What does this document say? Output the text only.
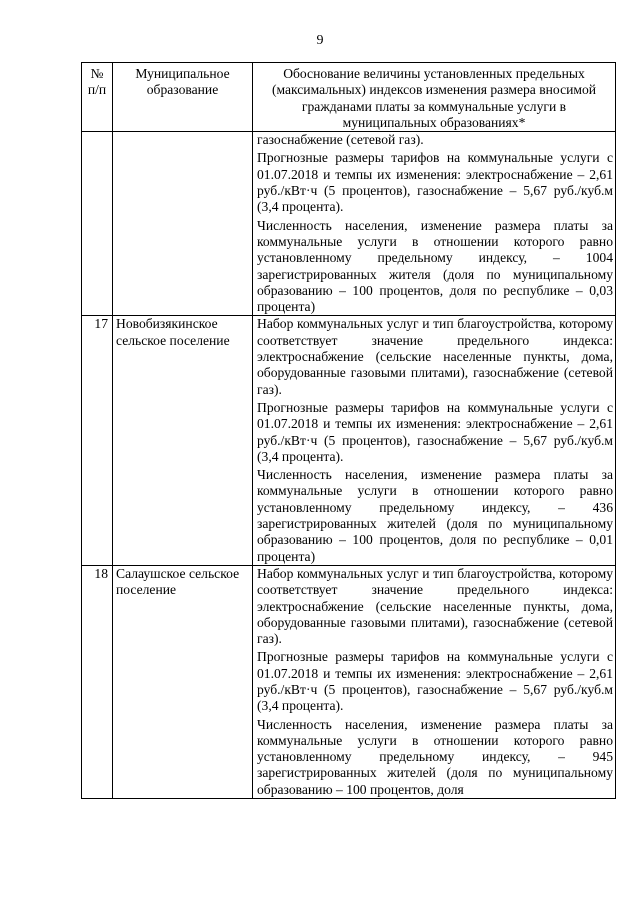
9
№ п/п	Муниципальное образование	Обоснование величины установленных предельных (максимальных) индексов изменения размера вносимой гражданами платы за коммунальные услуги в муниципальных образованиях*

		газоснабжение (сетевой газ).
Прогнозные размеры тарифов на коммунальные услуги с 01.07.2018 и темпы их изменения: электроснабжение – 2,61 руб./кВт·ч (5 процентов), газоснабжение – 5,67 руб./куб.м (3,4 процента).
Численность населения, изменение размера платы за коммунальные услуги в отношении которого равно установленному предельному индексу, – 1004 зарегистрированных жителя (доля по муниципальному образованию – 100 процентов, доля по республике – 0,03 процента)

17	Новобизякинское сельское поселение	Набор коммунальных услуг и тип благоустройства, которому соответствует значение предельного индекса: электроснабжение (сельские населенные пункты, дома, оборудованные газовыми плитами), газоснабжение (сетевой газ).
Прогнозные размеры тарифов на коммунальные услуги с 01.07.2018 и темпы их изменения: электроснабжение – 2,61 руб./кВт·ч (5 процентов), газоснабжение – 5,67 руб./куб.м (3,4 процента).
Численность населения, изменение размера платы за коммунальные услуги в отношении которого равно установленному предельному индексу, – 436 зарегистрированных жителей (доля по муниципальному образованию – 100 процентов, доля по республике – 0,01 процента)

18	Салаушское сельское поселение	Набор коммунальных услуг и тип благоустройства, которому соответствует значение предельного индекса: электроснабжение (сельские населенные пункты, дома, оборудованные газовыми плитами), газоснабжение (сетевой газ).
Прогнозные размеры тарифов на коммунальные услуги с 01.07.2018 и темпы их изменения: электроснабжение – 2,61 руб./кВт·ч (5 процентов), газоснабжение – 5,67 руб./куб.м (3,4 процента).
Численность населения, изменение размера платы за коммунальные услуги в отношении которого равно установленному предельному индексу, – 945 зарегистрированных жителей (доля по муниципальному образованию – 100 процентов, доля
